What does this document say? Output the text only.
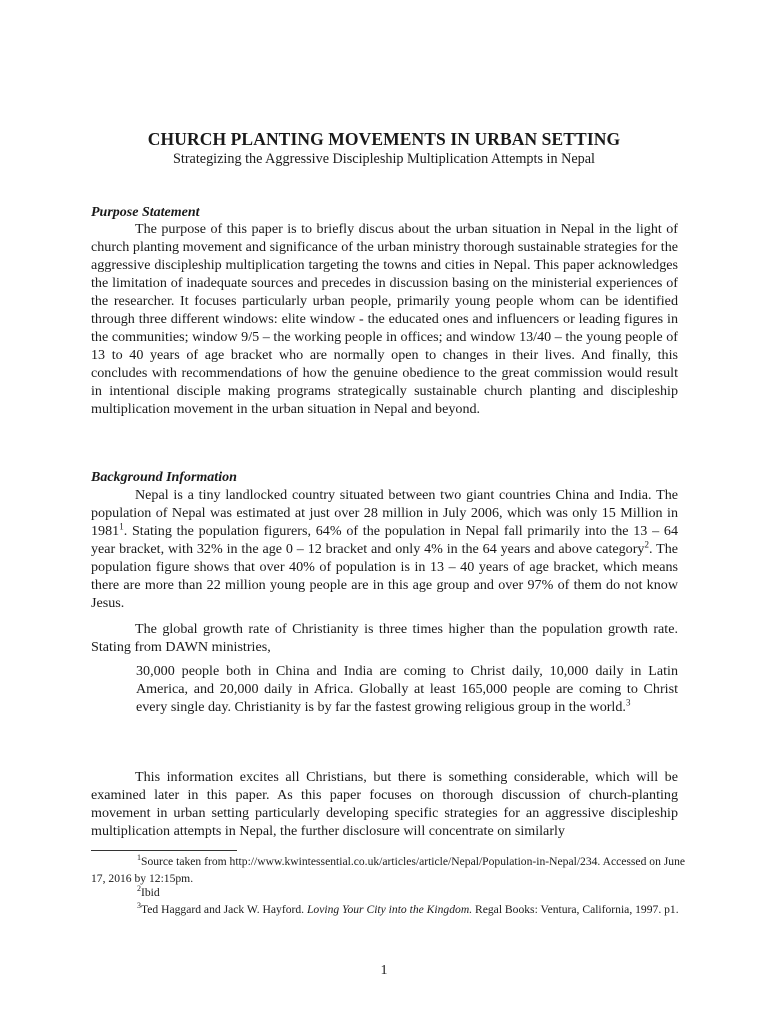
CHURCH PLANTING MOVEMENTS IN URBAN SETTING
Strategizing the Aggressive Discipleship Multiplication Attempts in Nepal
Purpose Statement

The purpose of this paper is to briefly discus about the urban situation in Nepal in the light of church planting movement and significance of the urban ministry thorough sustainable strategies for the aggressive discipleship multiplication targeting the towns and cities in Nepal. This paper acknowledges the limitation of inadequate sources and precedes in discussion basing on the ministerial experiences of the researcher. It focuses particularly urban people, primarily young people whom can be identified through three different windows: elite window - the educated ones and influencers or leading figures in the communities; window 9/5 – the working people in offices; and window 13/40 – the young people of 13 to 40 years of age bracket who are normally open to changes in their lives. And finally, this concludes with recommendations of how the genuine obedience to the great commission would result in intentional disciple making programs strategically sustainable church planting and discipleship multiplication movement in the urban situation in Nepal and beyond.

Background Information

Nepal is a tiny landlocked country situated between two giant countries China and India. The population of Nepal was estimated at just over 28 million in July 2006, which was only 15 Million in 1981$^1$. Stating the population figurers, 64% of the population in Nepal fall primarily into the 13 – 64 year bracket, with 32% in the age 0 – 12 bracket and only 4% in the 64 years and above category$^2$. The population figure shows that over 40% of population is in 13 – 40 years of age bracket, which means there are more than 22 million young people are in this age group and over 97% of them do not know Jesus.

The global growth rate of Christianity is three times higher than the population growth rate. Stating from DAWN ministries,

30,000 people both in China and India are coming to Christ daily, 10,000 daily in Latin America, and 20,000 daily in Africa. Globally at least 165,000 people are coming to Christ every single day. Christianity is by far the fastest growing religious group in the world.$^3$

This information excites all Christians, but there is something considerable, which will be examined later in this paper. As this paper focuses on thorough discussion of church-planting movement in urban setting particularly developing specific strategies for an aggressive discipleship multiplication attempts in Nepal, the further disclosure will concentrate on similarly

$^1$Source taken from http://www.kwintessential.co.uk/articles/article/Nepal/Population-in-Nepal/234. Accessed on June 17, 2016 by 12:15pm.

$^2$Ibid

$^3$Ted Haggard and Jack W. Hayford. Loving Your City into the Kingdom. Regal Books: Ventura, California, 1997. p1.

1
